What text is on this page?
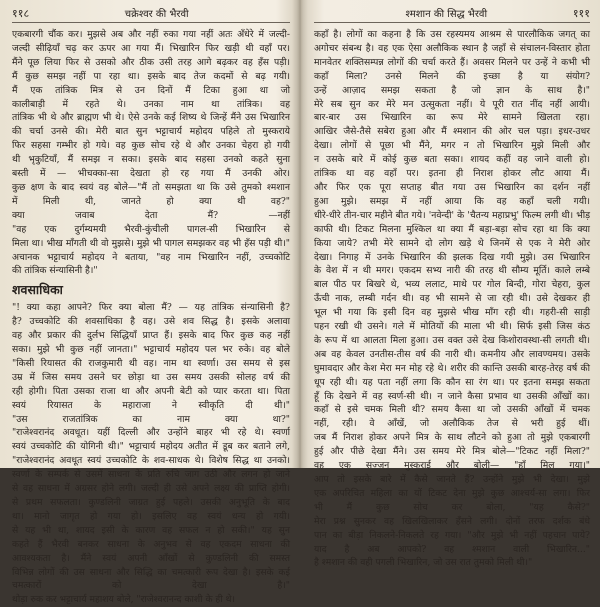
११८	चक्रेश्वर की भैरवी
एकबारगी चौंक कर। मुझसे अब और नहीं रुका गया नहीं अतः अँधेरे में जल्दी-
जल्दी सीढ़ियाँ चढ़ कर ऊपर आ गया मैं। भिखारिन फिर खड़ी थी वहाँ पर।
मैंने पूछ लिया फिर से उसको और ठीक उसी तरह आगे बढ़कर वह हँस पड़ी।
मैं कुछ समझ नहीं पा रहा था। इसके बाद तेज कदमों से बढ़ गयी।
मैं एक तांत्रिक मित्र से उन दिनों मैं टिका हुआ था जो
कालीबाड़ी में रहते थे। उनका नाम था तांत्रिक। वह
तांत्रिक भी थे और ब्राह्मण भी थे। ऐसे उनके कई शिष्य थे जिन्हें मैंने उस भिखारिन
की चर्चा उनसे की। मेरी बात सुन भट्टाचार्य महोदय पहिले तो मुस्कराये
फिर सहसा गम्भीर हो गये। वह कुछ सोच रहे थे और उनका चेहरा हो गयी
थी भृकुटियाँ, मैं समझ न सका। इसके बाद सहसा उनको कहते सुना
बस्ती में — भीचक्का-सा देखता हो रह गया मैं उनकी ओर।
कुछ क्षण के बाद स्वयं वह बोले—"मैं तो समझता था कि उसे तुमको श्मशान
में मिली थी, जानते हो क्या थी वह?"
क्या जवाब देता मैं? —नहीं
"वह एक दुर्गम्यमयी भैरवी-कुंचीली पागल-सी भिखारिन से
मिला था। भीख माँगती थी वो मुझसे। मुझे भी पागल समझकर वह भी हँस पड़ी थी।"
अचानक भट्टाचार्य महोदय ने बताया, "वह नाम भिखारिन नहीं, उच्चकोटि
की तांत्रिक संन्यासिनी है।"
शवसाधिका
"! क्या कहा आपने? फिर क्या बोला मैं? — यह तांत्रिक संन्यासिनी है?
है? उच्चकोटि की शवसाधिका है वह। उसे शव सिद्ध है। इसके अलावा
वह और प्रकार की दुर्लभ सिद्धियाँ प्राप्त हैं। इसके बाद फिर कुछ कह नहीं
सका। मुझे भी कुछ नहीं जानता।" भट्टाचार्य महोदय पल भर रुके। वह बोले
"किसी रियासत की राजकुमारी थी वह। नाम था स्वर्णा। उस समय से इस
उम्र में जिस समय उसने घर छोड़ा था उस समय उसकी सोलह वर्ष की
रही होगी। पिता उसका राजा था और अपनी बेटी को प्यार करता था। पिता
स्वयं रियासत के महाराजा ने स्वीकृति दी थी।"
"उस राजतांत्रिक का नाम क्या था?"
"राजेश्वरानंद अवधूत। यहीं दिल्ली और उन्होंने बाहर भी रहे थे। स्वर्णा
स्वयं उच्चकोटि की योगिनी थी।" भट्टाचार्य महोदय अतीत में डूब कर बताने लगे,
"राजेश्वरानंद अवधूत स्वयं उच्चकोटि के शव-साधक थे। विशेष सिद्ध था उनको।
स्वर्णा के सम्पर्क से उसमें साधना के प्रति रुचि जाग उठी और लगन हो जाने
से वह साधना में अग्रसर होने लगी। जल्दी ही उसे अपने लक्ष्य की प्राप्ति होगी।
से प्रथम सफलता। कुण्डलिनी जाग्रत हुई पहले। उसकी अनुभूति के बाद
था। मानो जागृत हो गया हो। इसलिए वह स्वयं धन्य हो गयी।
से यह भी था, शायद इसी के कारण वह सफल न हो सकी।" यह सुन
कहते हैं भैरवी बनकर साधना के अनुभव से वह एकदम साधना की
आवश्यकता है। मैंने स्वयं अपनी आँखों से कुण्डलिनी की समस्त
विभिन्न लोगों की उस साधना और सिद्धि का चमत्कारी रूप देखा है। इसके कई
चमत्कारों को देखा है।"
थोड़ा रुक कर भट्टाचार्य महाशय बोले, "राजेश्वरानन्द काशी के ही थे।
श्मशान की सिद्ध भैरवी	१११
कहाँ है। लोगों का कहना है कि उस रहस्यमय आश्रम से पारलौकिक जगत् का
अगोचर संबन्ध है। वह एक ऐसा अलौकिक स्थान है जहाँ से संचालन-विस्तार होता
मानवेतर शक्तिसम्पन्न लोगों की चर्चा करते हैं। अवसर मिलने पर उन्हें ने कभी भी
कहाँ मिला? उनसे मिलने की इच्छा है या संयोग?
उन्हें आज़ाद समझ सकता है जो ज्ञान के साथ है।"
मेरे सब सुन कर मेरे मन उत्सुकता नहीं। ये पूरी रात नींद नहीं आयी।
बार-बार उस भिखारिन का रूप मेरे सामने खिलता रहा।
आखिर जैसे-तैसे सबेरा हुआ और मैं श्मशान की ओर चल पड़ा। इधर-उधर
देखा। लोगों से पूछा भी मैंने, मगर न तो भिखारिन मुझे मिली और
न उसके बारे में कोई कुछ बता सका। शायद कहीं वह जाने वाली हो।
तांत्रिक था वह वहाँ पर। इतना ही निराश होकर लौट आया मैं।
और फिर एक पूरा सप्ताह बीत गया उस भिखारिन का दर्शन नहीं
हुआ मुझे। समझ में नहीं आया कि वह कहाँ चली गयी।
धीरे-धीरे तीन-चार महीने बीत गये। 'नवेन्दी' के 'चैतन्य महाप्रभु' फिल्म लगी थी। भीड़
काफी थी। टिकट मिलना मुश्किल था क्या मैं बड़ा-बड़ा सोच रहा था कि क्या
किया जाये? तभी मेरे सामने दो लोग खड़े थे जिनमें से एक ने मेरी ओर
देखा। निगाह में उनके भिखारिन की झलक दिख गयी मुझे। उस भिखारिन
के वेश में न थी मगर। एकदम सभ्य नारी की तरह थी सौम्य मूर्ति। काले लम्बे
बाल पीठ पर बिखरे थे, भव्य ललाट, माथे पर गोल बिन्दी, गोरा चेहरा, कुल
ऊँची नाक, लम्बी गर्दन थी। वह भी सामने से जा रही थी। उसे देखकर ही
भूल भी गया कि इसी दिन वह मुझसे भीख माँग रही थी। गहरी-सी साड़ी
पहन रखी थी उसने। गले में मोतियों की माला भी थी। सिर्फ इसी जिस कंठ
के रूप में था आलता मिला हुआ। उस वक्त उसे देख किशोरावस्था-सी लगती थी।
अब वह केवल उनतीस-तीस वर्ष की नारी थी। कमनीय और लावण्यमय। उसके
घुमावदार और केश मेरा मन मोह रहे थे। शरीर की कान्ति उसकी बारह-तेरह वर्ष की
धूप रही थी। यह पता नहीं लगा कि कौन सा रंग था। पर इतना समझ सकता
हूँ कि देखने में वह स्वर्ण-सी थी। न जाने कैसा प्रभाव था उसकी आँखों का।
कहाँ से इसे चमक मिली थी? समय कैसा था जो उसकी आँखों में चमक
नहीं, रही। वे आँखें, जो अलौकिक तेज से भरी हुई थीं।
जब मैं निराश होकर अपने मित्र के साथ लौटने को हुआ तो मुझे एकबारगी
हुई और पीछे देखा मैंने। उस समय मेरे मित्र बोले—"टिकट नहीं मिला?"
वह एक सज्जन मुस्कराई और बोली— "हाँ मिल गया।"
आप तो इसके बारे में कैसे जानते हैं? उन्होंने मुझे भी देखा। मुझे
एक अपरिचित महिला का यों टिकट देना मुझे कुछ आश्चर्य-सा लगा। फिर
भी मैं कुछ सोच कर बोला, "यह कैसे?"
मेरा प्रश्न सुनकर वह खिलखिलाकर हँसने लगी। दोनों तरफ दर्शक बंधे
पान का बीड़ा निकलने-निकलते रह गया। "और मुझे भी नहीं पहचान पाये?
याद है अब आपको? वह श्मशान वाली भिखारिन..."
है श्मशान की वही पगली भिखारिन, जो उस रात तुमको मिली थी।"
